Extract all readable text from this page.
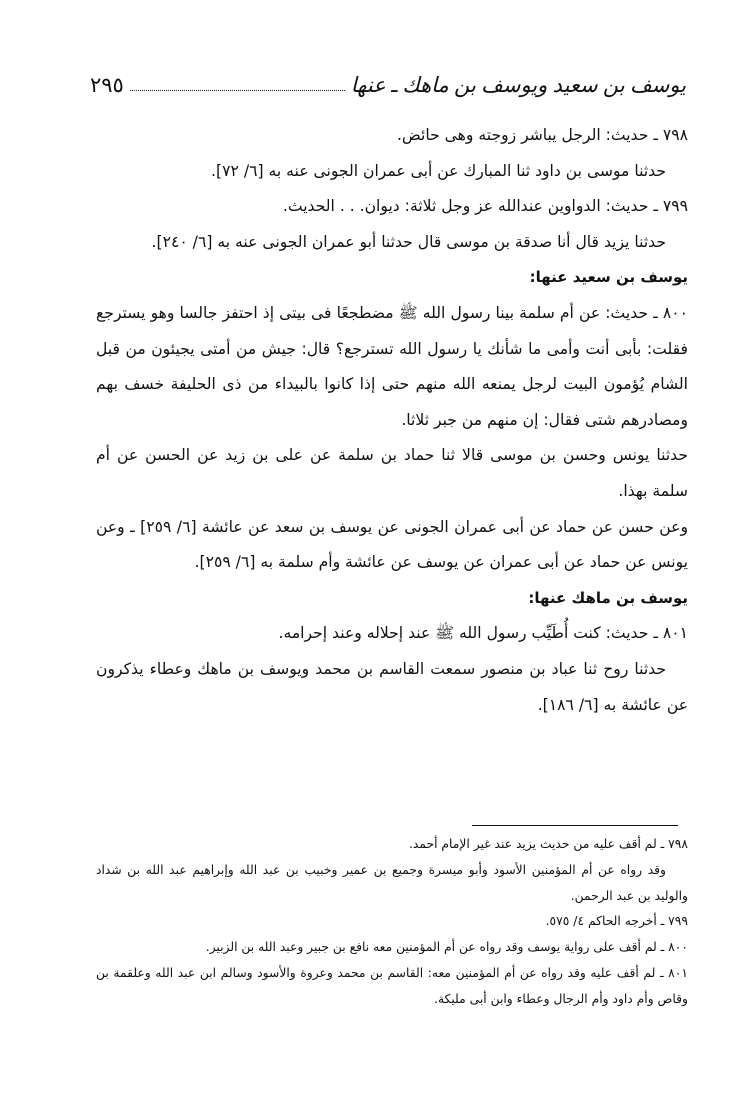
يوسف بن سعيد ويوسف بن ماهك ـ عنها
٢٩٥

٧٩٨ ـ حديث: الرجل يباشر زوجته وهى حائض.

حدثنا موسى بن داود ثنا المبارك عن أبى عمران الجونى عنه به [٦/ ٧٢].

٧٩٩ ـ حديث: الدواوين عندالله عز وجل ثلاثة: ديوان. . . الحديث.

حدثنا يزيد قال أنا صدقة بن موسى قال حدثنا أبو عمران الجونى عنه به [٦/ ٢٤٠].

يوسف بن سعيد عنها:

٨٠٠ ـ حديث: عن أم سلمة بينا رسول الله ﷺ مضطجعًا فى بيتى إذ احتفز جالسا وهو يسترجع فقلت: بأبى أنت وأمى ما شأنك يا رسول الله تسترجع؟ قال: جيش من أمتى يجيئون من قبل الشام يُؤمون البيت لرجل يمنعه الله منهم حتى إذا كانوا بالبيداء من ذى الحليفة خسف بهم ومصادرهم شتى فقال: إن منهم من جبر ثلاثا.

حدثنا يونس وحسن بن موسى قالا ثنا حماد بن سلمة عن على بن زيد عن الحسن عن أم سلمة بهذا.

وعن حسن عن حماد عن أبى عمران الجونى عن يوسف بن سعد عن عائشة [٦/ ٢٥٩] ـ وعن يونس عن حماد عن أبى عمران عن يوسف عن عائشة وأم سلمة به [٦/ ٢٥٩].

يوسف بن ماهك عنها:

٨٠١ ـ حديث: كنت أُطَيِّب رسول الله ﷺ عند إحلاله وعند إحرامه.

حدثنا روح ثنا عباد بن منصور سمعت القاسم بن محمد ويوسف بن ماهك وعطاء يذكرون عن عائشة به [٦/ ١٨٦].

٧٩٨ ـ لم أقف عليه من حديث يزيد عند غير الإمام أحمد.

وقد رواه عن أم المؤمنين الأسود وأبو ميسرة وجميع بن عمير وخبيب بن عبد الله وإبراهيم عبد الله بن شداد والوليد بن عبد الرحمن.

٧٩٩ ـ أخرجه الحاكم ٤/ ٥٧٥.

٨٠٠ ـ لم أقف على رواية يوسف وقد رواه عن أم المؤمنين معه نافع بن جبير وعبد الله بن الزبير.

٨٠١ ـ لم أقف عليه وقد رواه عن أم المؤمنين معه: القاسم بن محمد وعروة والأسود وسالم ابن عبد الله وعلقمة بن وقاص وأم داود وأم الرجال وعطاء وابن أبى مليكة.
